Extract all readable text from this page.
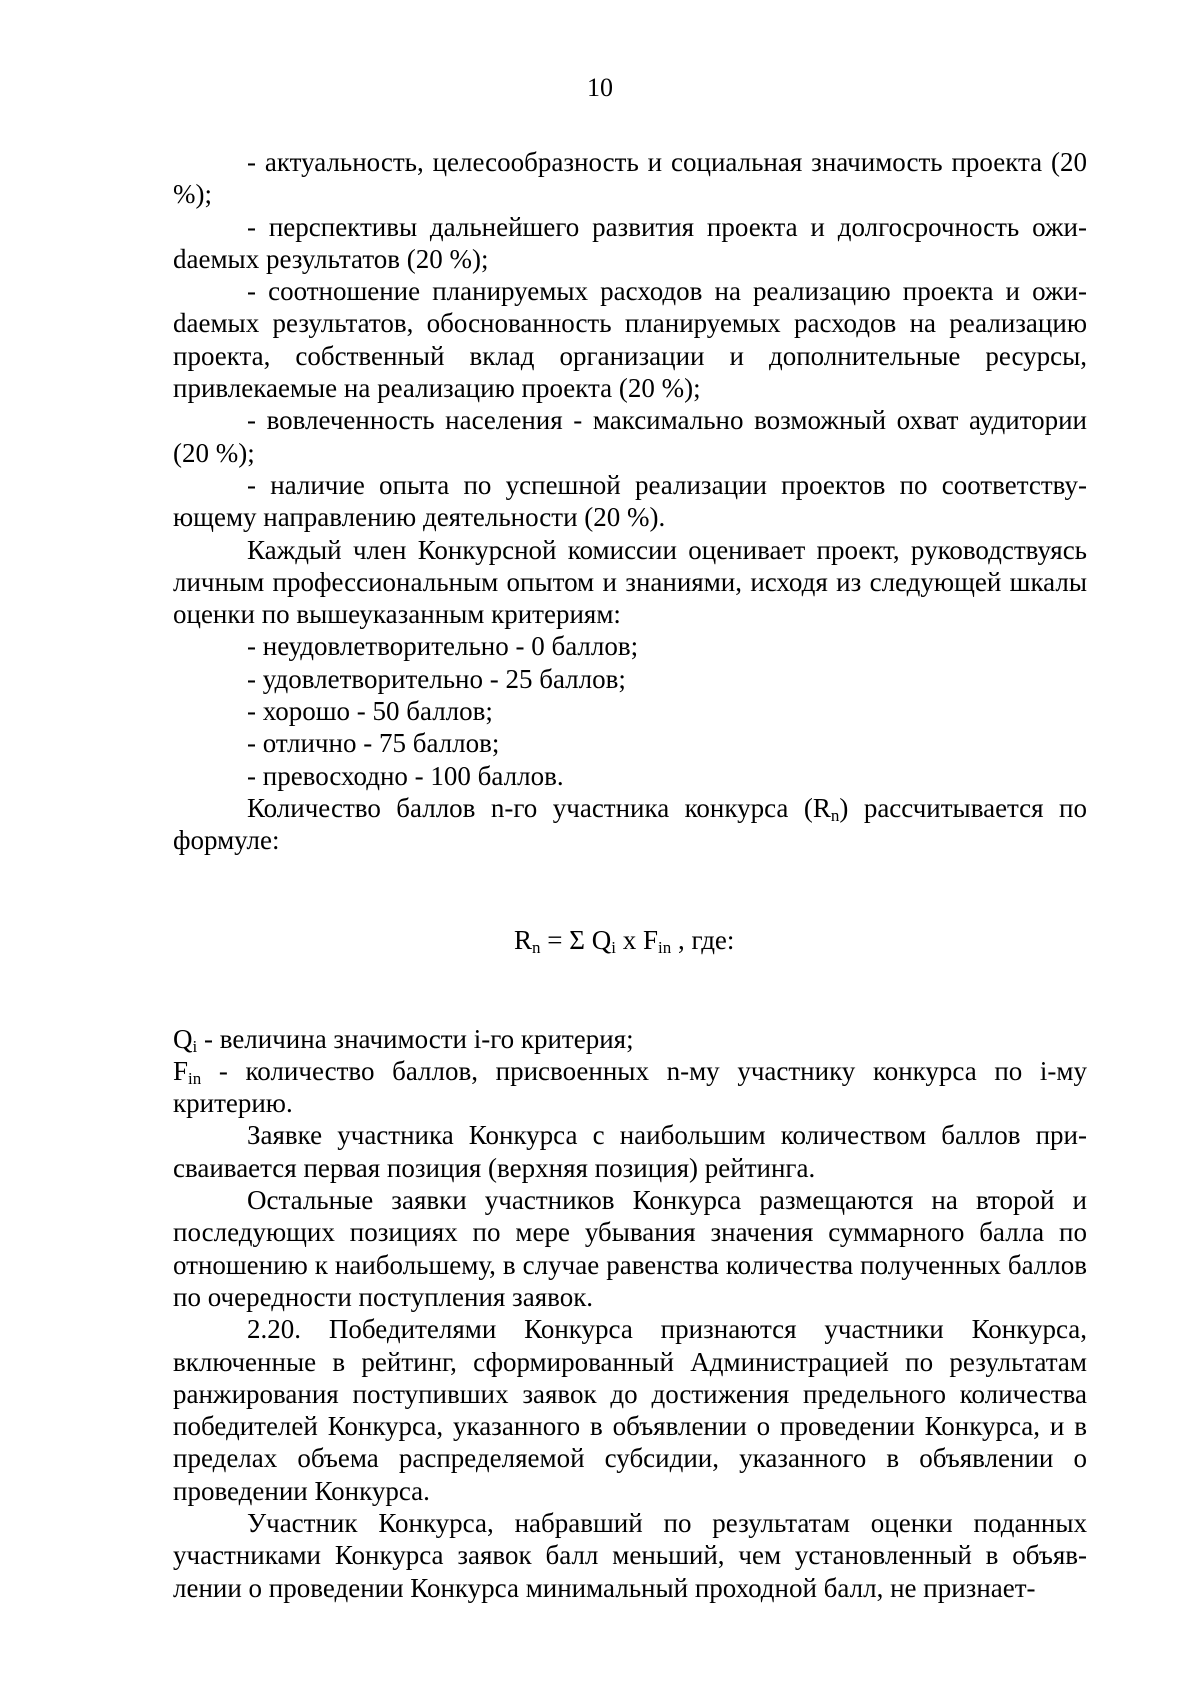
10

- актуальность, целесообразность и социальная значимость проекта (20 %);

- перспективы дальнейшего развития проекта и долгосрочность ожиdаемых результатов (20 %);

- соотношение планируемых расходов на реализацию проекта и ожиdаемых результатов, обоснованность планируемых расходов на реализацию проекта, собственный вклад организации и дополнительные ресурсы, привлекаемые на реализацию проекта (20 %);

- вовлеченность населения - максимально возможный охват аудитории (20 %);

- наличие опыта по успешной реализации проектов по соответствующему направлению деятельности (20 %).

Каждый член Конкурсной комиссии оценивает проект, руководствуясь личным профессиональным опытом и знаниями, исходя из следующей шкалы оценки по вышеуказанным критериям:

- неудовлетворительно - 0 баллов;

- удовлетворительно - 25 баллов;

- хорошо - 50 баллов;

- отлично - 75 баллов;

- превосходно - 100 баллов.

Количество баллов n-го участника конкурса $(R_n)$ рассчитывается по формуле:

$R_n = \Sigma$ $Q_i$ x $F_{in}$ , где:

$Q_i$ - величина значимости i-го критерия;

$F_{in}$ - количество баллов, присвоенных n-му участнику конкурса по i-му критерию.

Заявке участника Конкурса с наибольшим количеством баллов присваивается первая позиция (верхняя позиция) рейтинга.

Остальные заявки участников Конкурса размещаются на второй и последующих позициях по мере убывания значения суммарного балла по отношению к наибольшему, в случае равенства количества полученных баллов по очередности поступления заявок.

2.20. Победителями Конкурса признаются участники Конкурса, включенные в рейтинг, сформированный Администрацией по результатам ранжирования поступивших заявок до достижения предельного количества победителей Конкурса, указанного в объявлении о проведении Конкурса, и в пределах объема распределяемой субсидии, указанного в объявлении о проведении Конкурса.

Участник Конкурса, набравший по результатам оценки поданных участниками Конкурса заявок балл меньший, чем установленный в объявлении о проведении Конкурса минимальный проходной балл, не признает-
